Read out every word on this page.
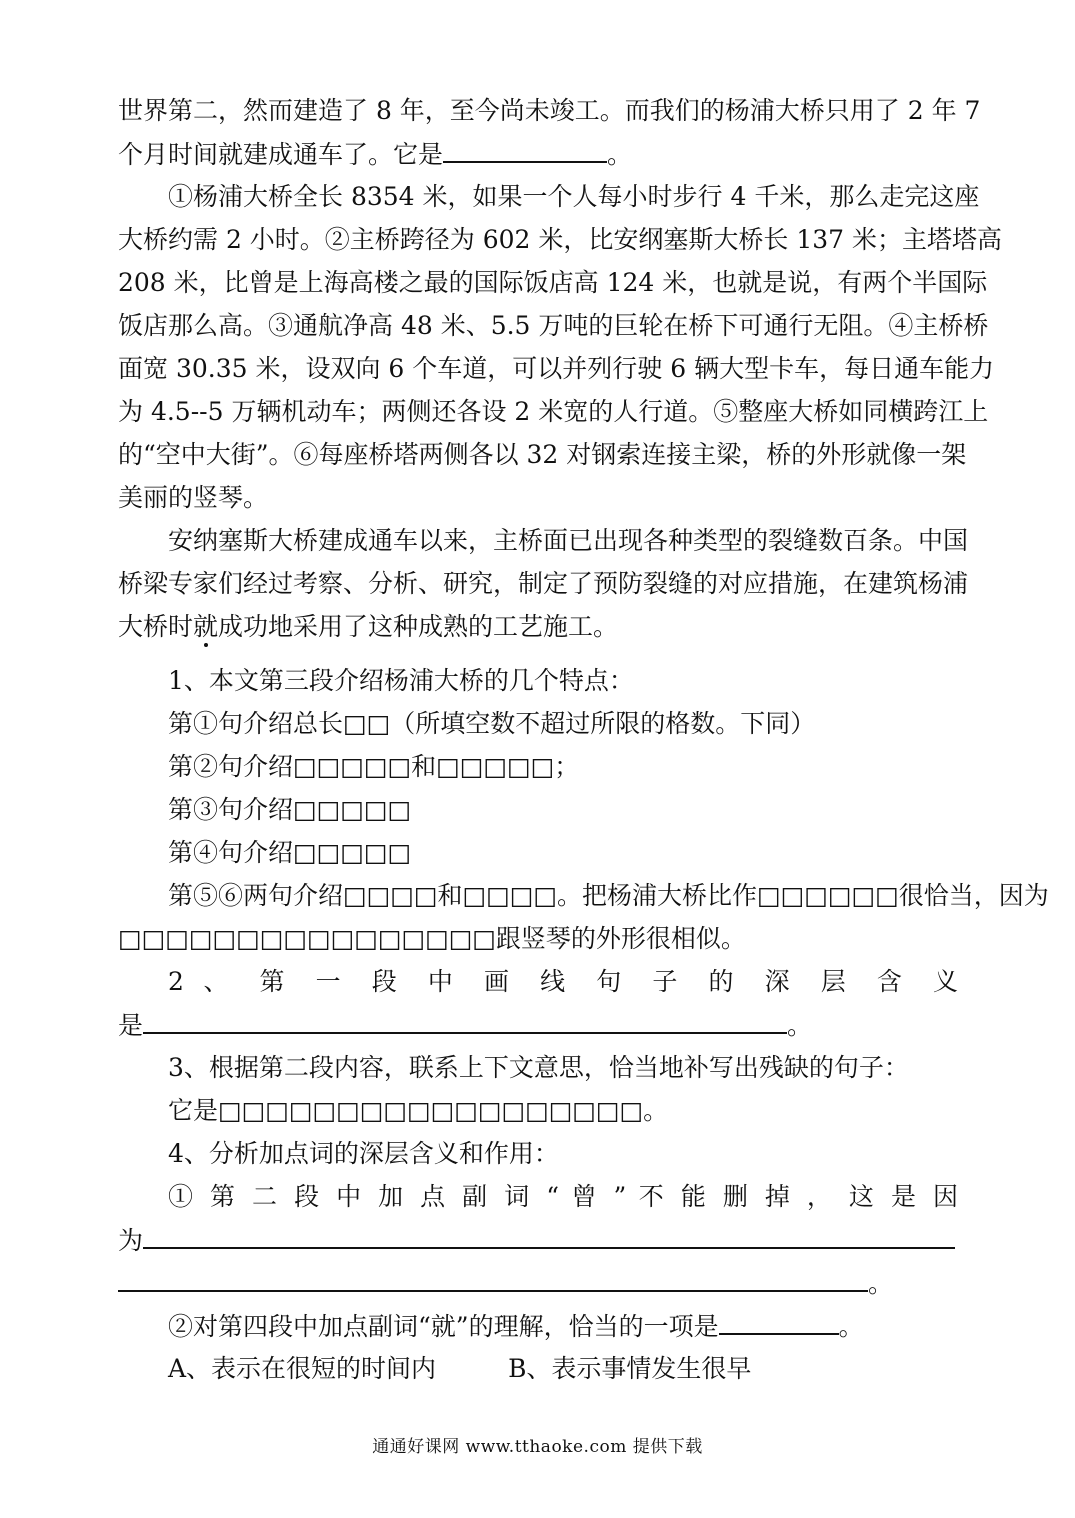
世界第二，然而建造了 8 年，至今尚未竣工。而我们的杨浦大桥只用了 2 年 7
个月时间就建成通车了。它是	。
①杨浦大桥全长 8354 米，如果一个人每小时步行 4 千米，那么走完这座
大桥约需 2 小时。②主桥跨径为 602 米，比安纲塞斯大桥长 137 米；主塔塔高
208 米，比曾是上海高楼之最的国际饭店高 124 米，也就是说，有两个半国际
饭店那么高。③通航净高 48 米、5.5 万吨的巨轮在桥下可通行无阻。④主桥桥
面宽 30.35 米，设双向 6 个车道，可以并列行驶 6 辆大型卡车，每日通车能力
为 4.5--5 万辆机动车；两侧还各设 2 米宽的人行道。⑤整座大桥如同横跨江上
的“空中大街”。⑥每座桥塔两侧各以 32 对钢索连接主梁，桥的外形就像一架
美丽的竖琴。
安纳塞斯大桥建成通车以来，主桥面已出现各种类型的裂缝数百条。中国
桥梁专家们经过考察、分析、研究，制定了预防裂缝的对应措施，在建筑杨浦
大桥时就
成功地采用了这种成熟的工艺施工。
1、本文第三段介绍杨浦大桥的几个特点：
第①句介绍总长□□（所填空数不超过所限的格数。下同）
第②句介绍□□□□□和□□□□□；
第③句介绍□□□□□
第④句介绍□□□□□
第⑤⑥两句介绍□□□□和□□□□。把杨浦大桥比作□□□□□□很恰当，因为
□□□□□□□□□□□□□□□□跟竖琴的外形很相似。
2 、 第 一 段 中 画 线 句 子 的 深 层 含 义
是	。
3、根据第二段内容，联系上下文意思，恰当地补写出残缺的句子：
它是□□□□□□□□□□□□□□□□□□。
4、分析加点词的深层含义和作用：
① 第 二 段 中 加 点 副 词 “ 曾 ” 不 能 删 掉 ， 这 是 因
为
。
②对第四段中加点副词“就”的理解，恰当的一项是	。
A、表示在很短的时间内	B、表示事情发生很早
通通好课网 www.tthaoke.com 提供下载
